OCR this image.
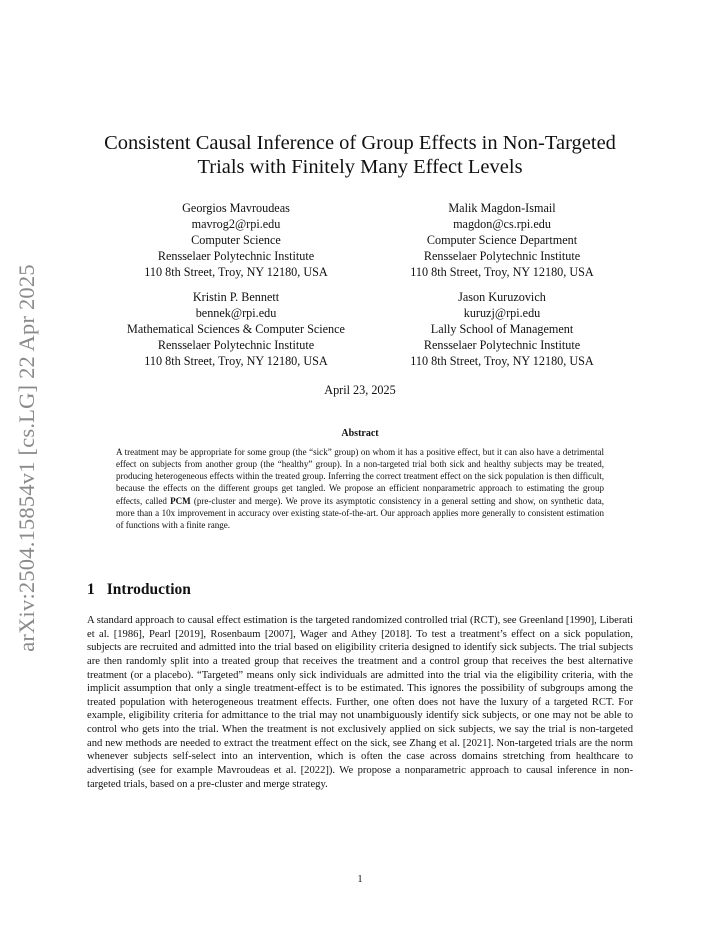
arXiv:2504.15854v1 [cs.LG] 22 Apr 2025
Consistent Causal Inference of Group Effects in Non-Targeted Trials with Finitely Many Effect Levels
Georgios Mavroudeas
mavrog2@rpi.edu
Computer Science
Rensselaer Polytechnic Institute
110 8th Street, Troy, NY 12180, USA
Malik Magdon-Ismail
magdon@cs.rpi.edu
Computer Science Department
Rensselaer Polytechnic Institute
110 8th Street, Troy, NY 12180, USA
Kristin P. Bennett
bennek@rpi.edu
Mathematical Sciences & Computer Science
Rensselaer Polytechnic Institute
110 8th Street, Troy, NY 12180, USA
Jason Kuruzovich
kuruzj@rpi.edu
Lally School of Management
Rensselaer Polytechnic Institute
110 8th Street, Troy, NY 12180, USA
April 23, 2025
Abstract

A treatment may be appropriate for some group (the “sick” group) on whom it has a positive effect, but it can also have a detrimental effect on subjects from another group (the “healthy” group). In a non-targeted trial both sick and healthy subjects may be treated, producing heterogeneous effects within the treated group. Inferring the correct treatment effect on the sick population is then difficult, because the effects on the different groups get tangled. We propose an efficient nonparametric approach to estimating the group effects, called PCM (pre-cluster and merge). We prove its asymptotic consistency in a general setting and show, on synthetic data, more than a 10x improvement in accuracy over existing state-of-the-art. Our approach applies more generally to consistent estimation of functions with a finite range.

1 Introduction

A standard approach to causal effect estimation is the targeted randomized controlled trial (RCT), see Greenland [1990], Liberati et al. [1986], Pearl [2019], Rosenbaum [2007], Wager and Athey [2018]. To test a treatment’s effect on a sick population, subjects are recruited and admitted into the trial based on eligibility criteria designed to identify sick subjects. The trial subjects are then randomly split into a treated group that receives the treatment and a control group that receives the best alternative treatment (or a placebo). “Targeted” means only sick individuals are admitted into the trial via the eligibility criteria, with the implicit assumption that only a single treatment-effect is to be estimated. This ignores the possibility of subgroups among the treated population with heterogeneous treatment effects. Further, one often does not have the luxury of a targeted RCT. For example, eligibility criteria for admittance to the trial may not unambiguously identify sick subjects, or one may not be able to control who gets into the trial. When the treatment is not exclusively applied on sick subjects, we say the trial is non-targeted and new methods are needed to extract the treatment effect on the sick, see Zhang et al. [2021]. Non-targeted trials are the norm whenever subjects self-select into an intervention, which is often the case across domains stretching from healthcare to advertising (see for example Mavroudeas et al. [2022]). We propose a nonparametric approach to causal inference in non-targeted trials, based on a pre-cluster and merge strategy.

1
